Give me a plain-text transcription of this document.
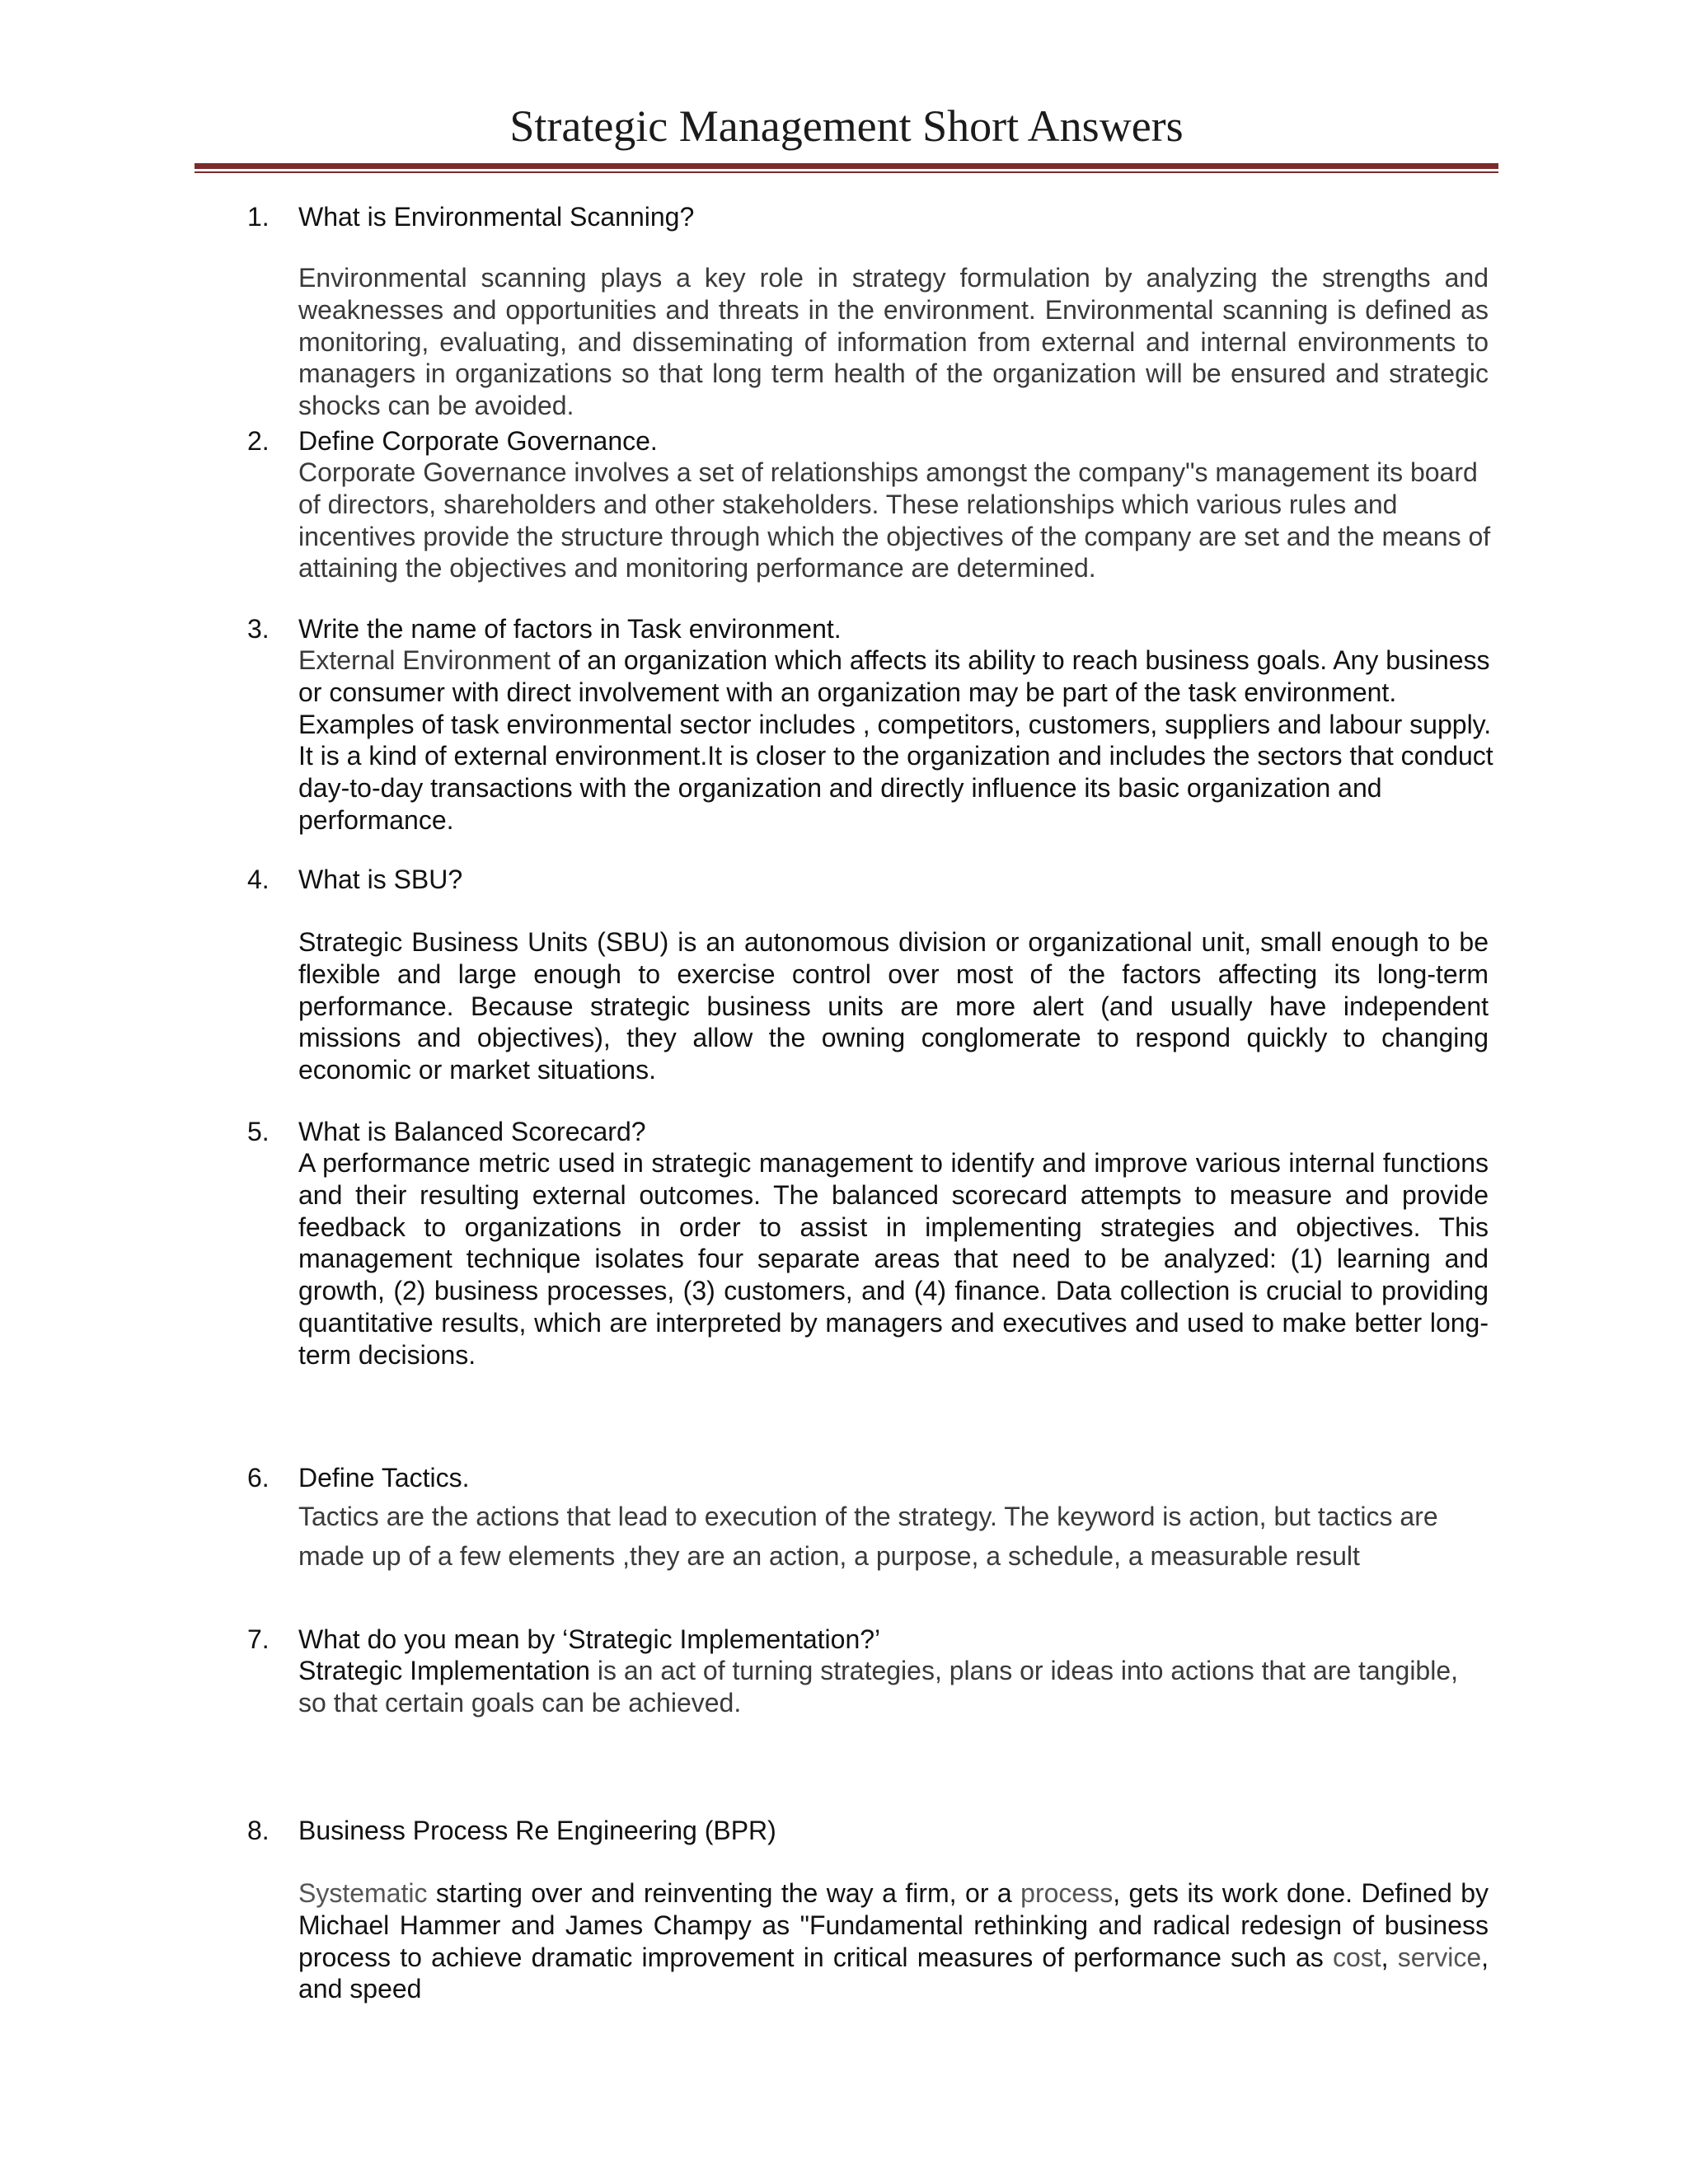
Strategic Management Short Answers
1. What is Environmental Scanning?
Environmental scanning plays a key role in strategy formulation by analyzing the strengths and weaknesses and opportunities and threats in the environment. Environmental scanning is defined as monitoring, evaluating, and disseminating of information from external and internal environments to managers in organizations so that long term health of the organization will be ensured and strategic shocks can be avoided.
2. Define Corporate Governance.
Corporate Governance involves a set of relationships amongst the company"s management its board of directors, shareholders and other stakeholders. These relationships which various rules and incentives provide the structure through which the objectives of the company are set and the means of attaining the objectives and monitoring performance are determined.
3. Write the name of factors in Task environment.
External Environment of an organization which affects its ability to reach business goals. Any business or consumer with direct involvement with an organization may be part of the task environment. Examples of task environmental sector includes , competitors, customers, suppliers and labour supply. It is a kind of external environment.It is closer to the organization and includes the sectors that conduct day-to-day transactions with the organization and directly influence its basic organization and performance.
4. What is SBU?
Strategic Business Units (SBU) is an autonomous division or organizational unit, small enough to be flexible and large enough to exercise control over most of the factors affecting its long-term performance. Because strategic business units are more alert (and usually have independent missions and objectives), they allow the owning conglomerate to respond quickly to changing economic or market situations.
5. What is Balanced Scorecard?
A performance metric used in strategic management to identify and improve various internal functions and their resulting external outcomes. The balanced scorecard attempts to measure and provide feedback to organizations in order to assist in implementing strategies and objectives. This management technique isolates four separate areas that need to be analyzed: (1) learning and growth, (2) business processes, (3) customers, and (4) finance. Data collection is crucial to providing quantitative results, which are interpreted by managers and executives and used to make better long-term decisions.
6. Define Tactics.
Tactics are the actions that lead to execution of the strategy. The keyword is action, but tactics are made up of a few elements ,they are an action, a purpose, a schedule, a measurable result
7. What do you mean by ‘Strategic Implementation?’
Strategic Implementation is an act of turning strategies, plans or ideas into actions that are tangible, so that certain goals can be achieved.
8. Business Process Re Engineering (BPR)
Systematic starting over and reinventing the way a firm, or a process, gets its work done. Defined by Michael Hammer and James Champy as "Fundamental rethinking and radical redesign of business process to achieve dramatic improvement in critical measures of performance such as cost, service, and speed
